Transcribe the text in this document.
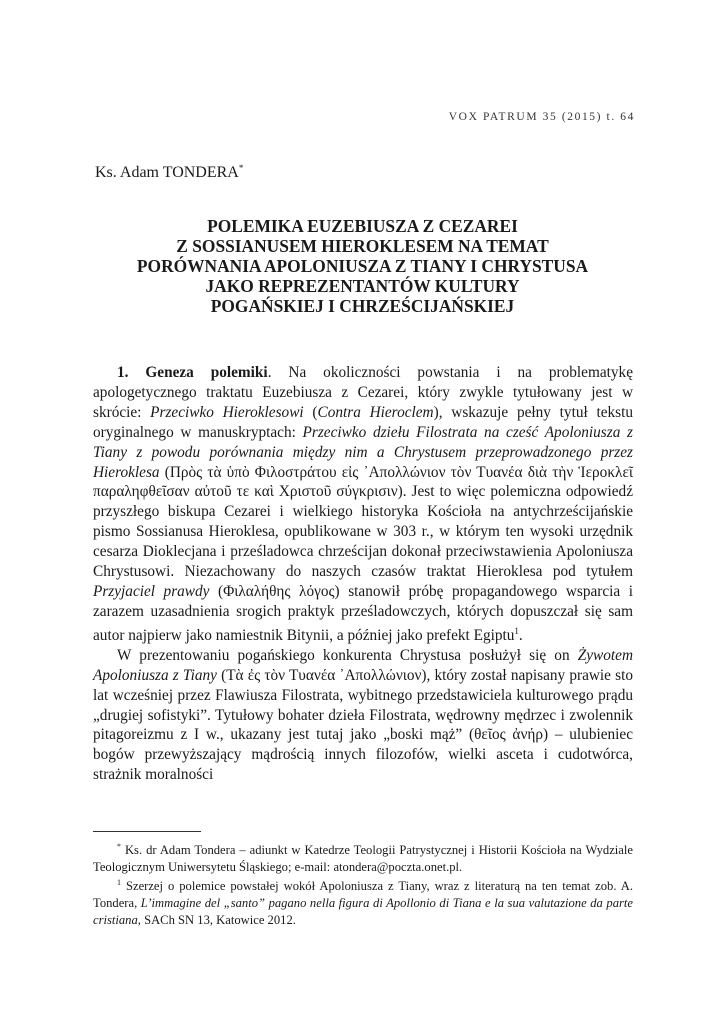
VOX PATRUM 35 (2015) t. 64
Ks. Adam TONDERA*
POLEMIKA EUZEBIUSZA Z CEZAREI
Z SOSSIANUSEM HIEROKLESEM NA TEMAT
PORÓWNANIA APOLONIUSZA Z TIANY I CHRYSTUSA
JAKO REPREZENTANTÓW KULTURY
POGAŃSKIEJ I CHRZEŚCIJAŃSKIEJ

1. Geneza polemiki. Na okoliczności powstania i na problematykę apologetycznego traktatu Euzebiusza z Cezarei, który zwykle tytułowany jest w skrócie: Przeciwko Hieroklesowi (Contra Hieroclem), wskazuje pełny tytuł tekstu oryginalnego w manuskryptach: Przeciwko dziełu Filostrata na cześć Apoloniusza z Tiany z powodu porównania między nim a Chrystusem przeprowadzonego przez Hieroklesa (Πρὸς τὰ ὑπὸ Φιλοστράτου εἰς ᾿Απολλώνιον τὸν Τυανέα διὰ τὴν Ἱεροκλεῖ παραληφθεῖσαν αὐτοῦ τε καὶ Χριστοῦ σύγκρισιν). Jest to więc polemiczna odpowiedź przyszłego biskupa Cezarei i wielkiego historyka Kościoła na antychrześcijańskie pismo Sossianusa Hieroklesa, opublikowane w 303 r., w którym ten wysoki urzędnik cesarza Dioklecjana i prześladowca chrześcijan dokonał przeciwstawienia Apoloniusza Chrystusowi. Niezachowany do naszych czasów traktat Hieroklesa pod tytułem Przyjaciel prawdy (Φιλαλήθης λόγος) stanowił próbę propagandowego wsparcia i zarazem uzasadnienia srogich praktyk prześladowczych, których dopuszczał się sam autor najpierw jako namiestnik Bitynii, a później jako prefekt Egiptu$^1$.

W prezentowaniu pogańskiego konkurenta Chrystusa posłużył się on Żywotem Apoloniusza z Tiany (Τὰ ἐς τὸν Τυανέα ᾿Απολλώνιον), który został napisany prawie sto lat wcześniej przez Flawiusza Filostrata, wybitnego przedstawiciela kulturowego prądu „drugiej sofistyki”. Tytułowy bohater dzieła Filostrata, wędrowny mędrzec i zwolennik pitagoreizmu z I w., ukazany jest tutaj jako „boski mąż” (θεῖος ἀνήρ) – ulubieniec bogów przewyższający mądrością innych filozofów, wielki asceta i cudotwórca, strażnik moralności

* Ks. dr Adam Tondera – adiunkt w Katedrze Teologii Patrystycznej i Historii Kościoła na Wydziale Teologicznym Uniwersytetu Śląskiego; e-mail: atondera@poczta.onet.pl.

$^1$ Szerzej o polemice powstałej wokół Apoloniusza z Tiany, wraz z literaturą na ten temat zob. A. Tondera, L’immagine del „santo” pagano nella figura di Apollonio di Tiana e la sua valutazione da parte cristiana, SACh SN 13, Katowice 2012.
